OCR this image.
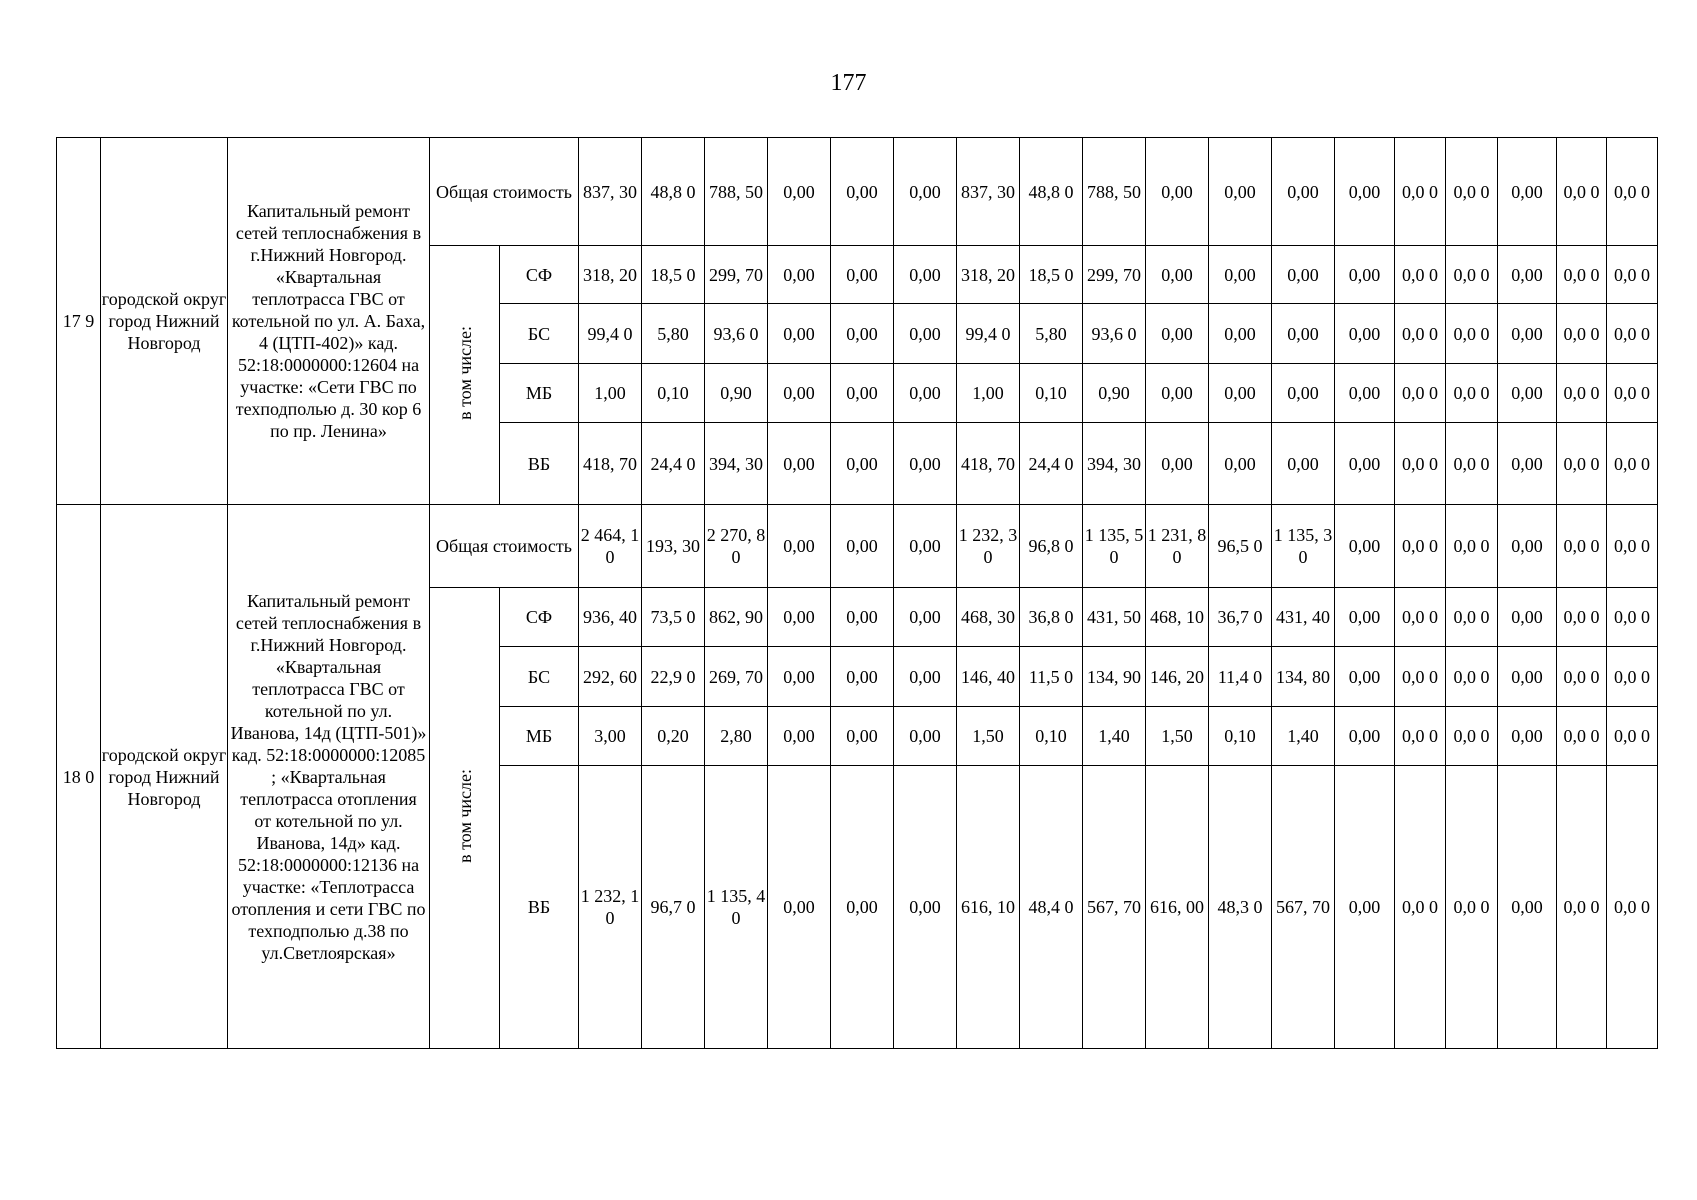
177
17 9	городской округ город Нижний Новгород	Капитальный ремонт сетей теплоснабжения в г.Нижний Новгород. «Квартальная теплотрасса ГВС от котельной по ул. А. Баха, 4 (ЦТП-402)» кад. 52:18:0000000:12604 на участке: «Сети ГВС по техподполью д. 30 кор 6 по пр. Ленина»	Общая стоимость		837, 30	48,8 0	788, 50	0,00	0,00	0,00	837, 30	48,8 0	788, 50	0,00	0,00	0,00	0,00	0,0 0	0,0 0	0,00	0,0 0	0,0 0
			в том числе:	СФ	318, 20	18,5 0	299, 70	0,00	0,00	0,00	318, 20	18,5 0	299, 70	0,00	0,00	0,00	0,00	0,0 0	0,0 0	0,00	0,0 0	0,0 0
				БС	99,4 0	5,80	93,6 0	0,00	0,00	0,00	99,4 0	5,80	93,6 0	0,00	0,00	0,00	0,00	0,0 0	0,0 0	0,00	0,0 0	0,0 0
				МБ	1,00	0,10	0,90	0,00	0,00	0,00	1,00	0,10	0,90	0,00	0,00	0,00	0,00	0,0 0	0,0 0	0,00	0,0 0	0,0 0
				ВБ	418, 70	24,4 0	394, 30	0,00	0,00	0,00	418, 70	24,4 0	394, 30	0,00	0,00	0,00	0,00	0,0 0	0,0 0	0,00	0,0 0	0,0 0
18 0	городской округ город Нижний Новгород	Капитальный ремонт сетей теплоснабжения в г.Нижний Новгород. «Квартальная теплотрасса ГВС от котельной по ул. Иванова, 14д (ЦТП-501)» кад. 52:18:0000000:12085 ; «Квартальная теплотрасса отопления от котельной по ул. Иванова, 14д» кад. 52:18:0000000:12136 на участке: «Теплотрасса отопления и сети ГВС по техподполью д.38 по ул.Светлоярская»	Общая стоимость		2 464, 10	193, 30	2 270, 80	0,00	0,00	0,00	1 232, 30	96,8 0	1 135, 50	1 231, 80	96,5 0	1 135, 30	0,00	0,0 0	0,0 0	0,00	0,0 0	0,0 0
			в том числе:	СФ	936, 40	73,5 0	862, 90	0,00	0,00	0,00	468, 30	36,8 0	431, 50	468, 10	36,7 0	431, 40	0,00	0,0 0	0,0 0	0,00	0,0 0	0,0 0
				БС	292, 60	22,9 0	269, 70	0,00	0,00	0,00	146, 40	11,5 0	134, 90	146, 20	11,4 0	134, 80	0,00	0,0 0	0,0 0	0,00	0,0 0	0,0 0
				МБ	3,00	0,20	2,80	0,00	0,00	0,00	1,50	0,10	1,40	1,50	0,10	1,40	0,00	0,0 0	0,0 0	0,00	0,0 0	0,0 0
				ВБ	1 232, 10	96,7 0	1 135, 40	0,00	0,00	0,00	616, 10	48,4 0	567, 70	616, 00	48,3 0	567, 70	0,00	0,0 0	0,0 0	0,00	0,0 0	0,0 0
